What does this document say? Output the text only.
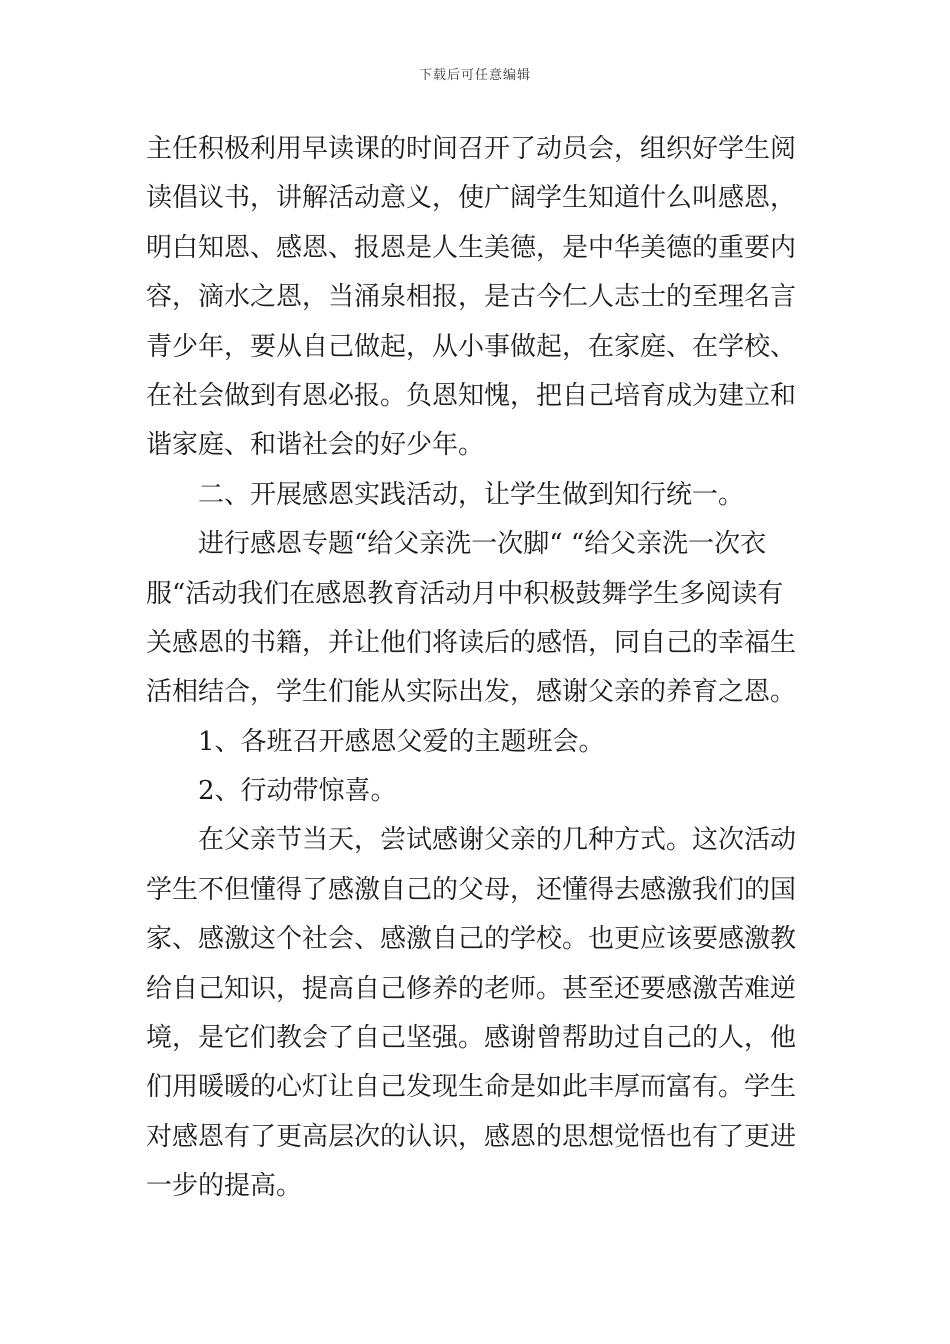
下载后可任意编辑
主任积极利用早读课的时间召开了动员会，组织好学生阅
读倡议书，讲解活动意义，使广阔学生知道什么叫感恩，
明白知恩、感恩、报恩是人生美德，是中华美德的重要内
容，滴水之恩，当涌泉相报，是古今仁人志士的至理名言
青少年，要从自己做起，从小事做起，在家庭、在学校、
在社会做到有恩必报。负恩知愧，把自己培育成为建立和
谐家庭、和谐社会的好少年。
二、开展感恩实践活动，让学生做到知行统一。
进行感恩专题“给父亲洗一次脚“ “给父亲洗一次衣
服“活动我们在感恩教育活动月中积极鼓舞学生多阅读有
关感恩的书籍，并让他们将读后的感悟，同自己的幸福生
活相结合，学生们能从实际出发，感谢父亲的养育之恩。
1、各班召开感恩父爱的主题班会。
2、行动带惊喜。
在父亲节当天，尝试感谢父亲的几种方式。这次活动
学生不但懂得了感激自己的父母，还懂得去感激我们的国
家、感激这个社会、感激自己的学校。也更应该要感激教
给自己知识，提高自己修养的老师。甚至还要感激苦难逆
境，是它们教会了自己坚强。感谢曾帮助过自己的人，他
们用暖暖的心灯让自己发现生命是如此丰厚而富有。学生
对感恩有了更高层次的认识，感恩的思想觉悟也有了更进
一步的提高。
